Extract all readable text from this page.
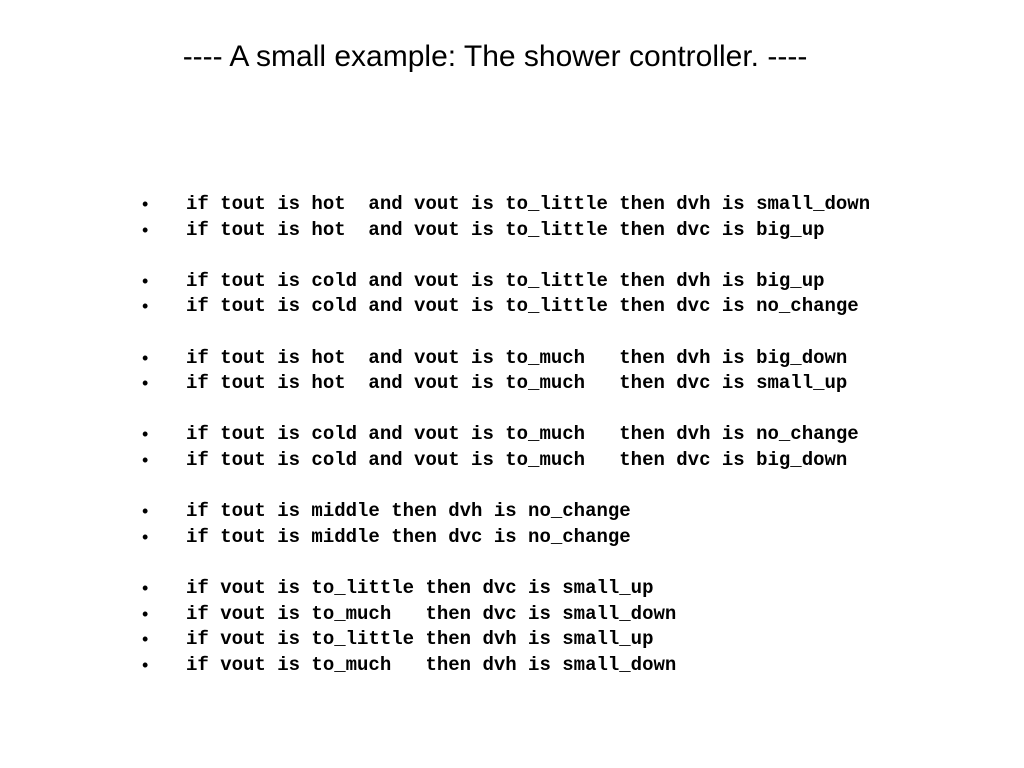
---- A small example: The shower controller. ----
• if tout is hot  and vout is to_little then dvh is small_down
• if tout is hot  and vout is to_little then dvc is big_up
• if tout is cold and vout is to_little then dvh is big_up
• if tout is cold and vout is to_little then dvc is no_change
• if tout is hot  and vout is to_much   then dvh is big_down
• if tout is hot  and vout is to_much   then dvc is small_up
• if tout is cold and vout is to_much   then dvh is no_change
• if tout is cold and vout is to_much   then dvc is big_down
• if tout is middle then dvh is no_change
• if tout is middle then dvc is no_change
• if vout is to_little then dvc is small_up
• if vout is to_much   then dvc is small_down
• if vout is to_little then dvh is small_up
• if vout is to_much   then dvh is small_down
